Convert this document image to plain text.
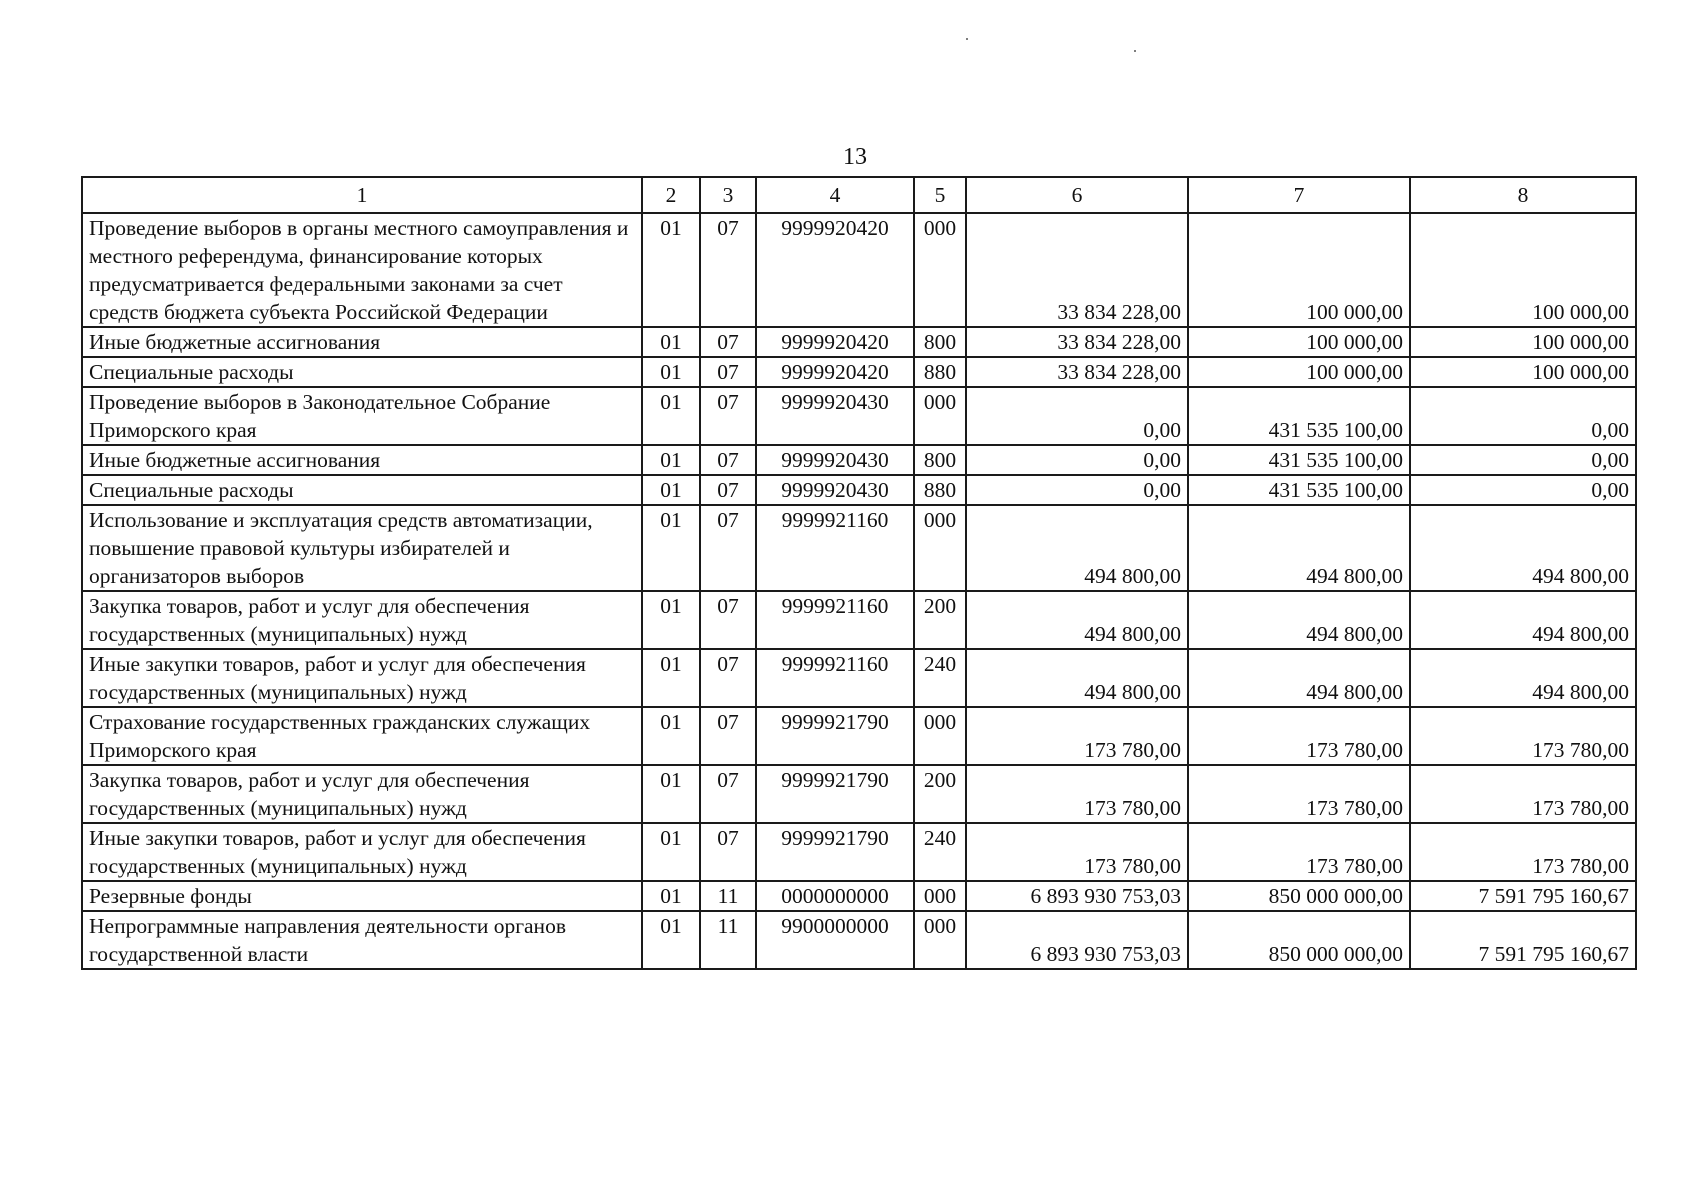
13
1	2	3	4	5	6	7	8
Проведение выборов в органы местного самоуправления и местного референдума, финансирование которых предусматривается федеральными законами за счет средств бюджета субъекта Российской Федерации	01	07	9999920420	000	33 834 228,00	100 000,00	100 000,00
Иные бюджетные ассигнования	01	07	9999920420	800	33 834 228,00	100 000,00	100 000,00
Специальные расходы	01	07	9999920420	880	33 834 228,00	100 000,00	100 000,00
Проведение выборов в Законодательное Собрание Приморского края	01	07	9999920430	000	0,00	431 535 100,00	0,00
Иные бюджетные ассигнования	01	07	9999920430	800	0,00	431 535 100,00	0,00
Специальные расходы	01	07	9999920430	880	0,00	431 535 100,00	0,00
Использование и эксплуатация средств автоматизации, повышение правовой культуры избирателей и организаторов выборов	01	07	9999921160	000	494 800,00	494 800,00	494 800,00
Закупка товаров, работ и услуг для обеспечения государственных (муниципальных) нужд	01	07	9999921160	200	494 800,00	494 800,00	494 800,00
Иные закупки товаров, работ и услуг для обеспечения государственных (муниципальных) нужд	01	07	9999921160	240	494 800,00	494 800,00	494 800,00
Страхование государственных гражданских служащих Приморского края	01	07	9999921790	000	173 780,00	173 780,00	173 780,00
Закупка товаров, работ и услуг для обеспечения государственных (муниципальных) нужд	01	07	9999921790	200	173 780,00	173 780,00	173 780,00
Иные закупки товаров, работ и услуг для обеспечения государственных (муниципальных) нужд	01	07	9999921790	240	173 780,00	173 780,00	173 780,00
Резервные фонды	01	11	0000000000	000	6 893 930 753,03	850 000 000,00	7 591 795 160,67
Непрограммные направления деятельности органов государственной власти	01	11	9900000000	000	6 893 930 753,03	850 000 000,00	7 591 795 160,67
